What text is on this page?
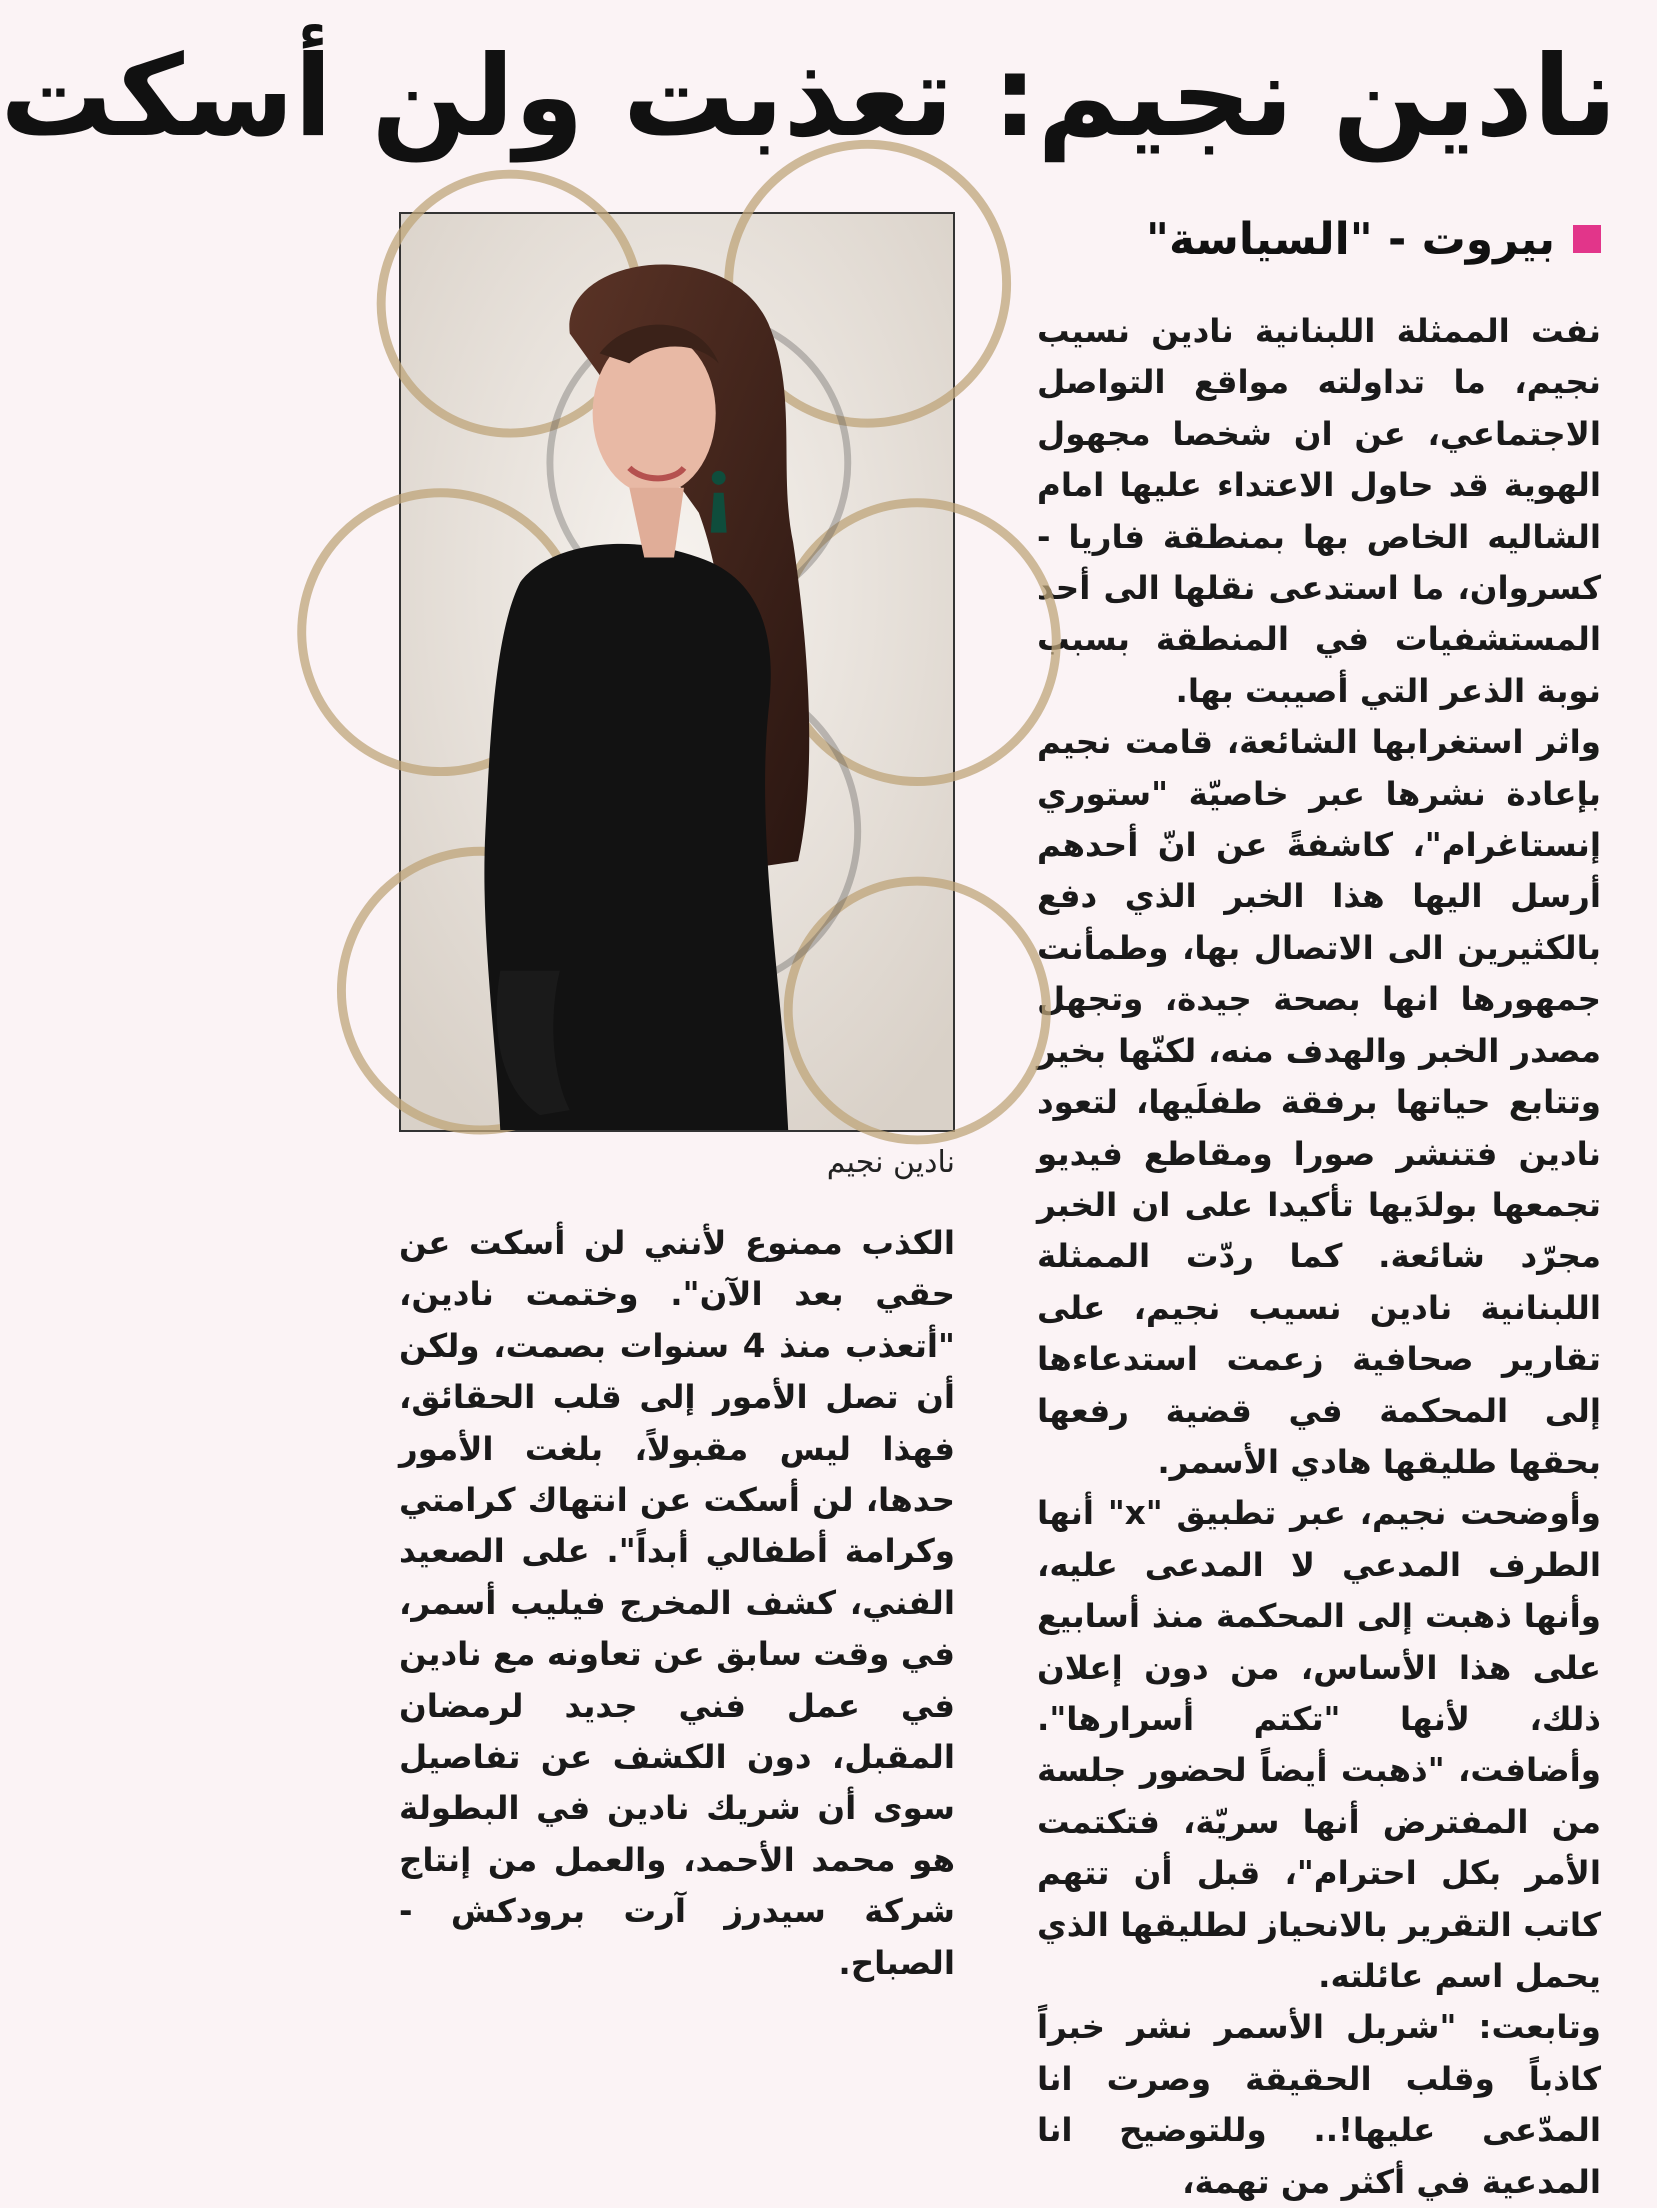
نادين نجيم: تعذبت ولن أسكت
بيروت - "السياسة"

نفت الممثلة اللبنانية نادين نسيب نجيم، ما تداولته مواقع التواصل الاجتماعي، عن ان شخصا مجهول الهوية قد حاول الاعتداء عليها امام الشاليه الخاص بها بمنطقة فاريا - كسروان، ما استدعى نقلها الى أحد المستشفيات في المنطقة بسبب نوبة الذعر التي أصيبت بها.

واثر استغرابها الشائعة، قامت نجيم بإعادة نشرها عبر خاصيّة "ستوري إنستاغرام"، كاشفةً عن انّ أحدهم أرسل اليها هذا الخبر الذي دفع بالكثيرين الى الاتصال بها، وطمأنت جمهورها انها بصحة جيدة، وتجهل مصدر الخبر والهدف منه، لكنّها بخير وتتابع حياتها برفقة طفلَيها، لتعود نادين فتنشر صورا ومقاطع فيديو تجمعها بولدَيها تأكيدا على ان الخبر مجرّد شائعة. كما ردّت الممثلة اللبنانية نادين نسيب نجيم، على تقارير صحافية زعمت استدعاءها إلى المحكمة في قضية رفعها بحقها طليقها هادي الأسمر.

وأوضحت نجيم، عبر تطبيق "x" أنها الطرف المدعي لا المدعى عليه، وأنها ذهبت إلى المحكمة منذ أسابيع على هذا الأساس، من دون إعلان ذلك، لأنها "تكتم أسرارها". وأضافت، "ذهبت أيضاً لحضور جلسة من المفترض أنها سريّة، فتكتمت الأمر بكل احترام"، قبل أن تتهم كاتب التقرير بالانحياز لطليقها الذي يحمل اسم عائلته.

وتابعت: "شربل الأسمر نشر خبراً كاذباً وقلب الحقيقة وصرت انا المدّعى عليها!.. وللتوضيح انا المدعية في أكثر من تهمة،

نادين نجيم

الكذب ممنوع لأنني لن أسكت عن حقي بعد الآن". وختمت نادين، "أتعذب منذ 4 سنوات بصمت، ولكن أن تصل الأمور إلى قلب الحقائق، فهذا ليس مقبولاً، بلغت الأمور حدها، لن أسكت عن انتهاك كرامتي وكرامة أطفالي أبداً". على الصعيد الفني، كشف المخرج فيليب أسمر، في وقت سابق عن تعاونه مع نادين في عمل فني جديد لرمضان المقبل، دون الكشف عن تفاصيل سوى أن شريك نادين في البطولة هو محمد الأحمد، والعمل من إنتاج شركة سيدرز آرت برودكش - الصباح.
